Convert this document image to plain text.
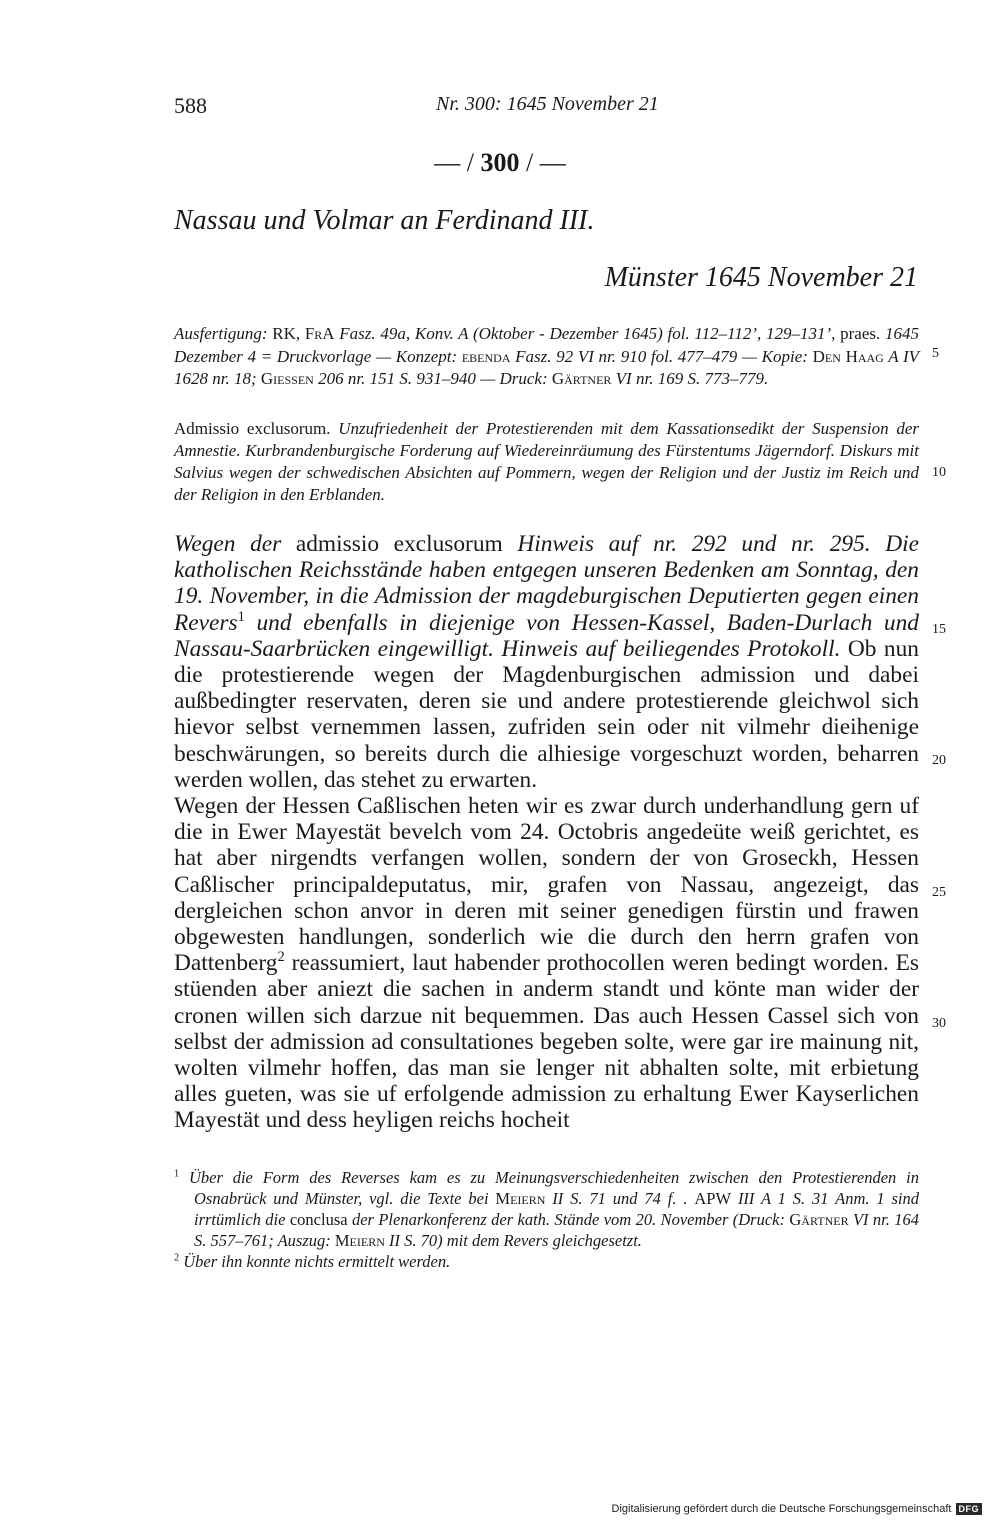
588	Nr. 300: 1645 November 21
— / 300 / —
Nassau und Volmar an Ferdinand III.
Münster 1645 November 21
Ausfertigung: RK, FrA Fasz. 49a, Konv. A (Oktober - Dezember 1645) fol. 112–112’, 129–131’, praes. 1645 Dezember 4 = Druckvorlage — Konzept: ebenda Fasz. 92 VI nr. 910 fol. 477–479 — Kopie: Den Haag A IV 1628 nr. 18; Giessen 206 nr. 151 S. 931–940 — Druck: Gärtner VI nr. 169 S. 773–779.
Admissio exclusorum. Unzufriedenheit der Protestierenden mit dem Kassationsedikt der Suspension der Amnestie. Kurbrandenburgische Forderung auf Wiedereinräumung des Fürstentums Jägerndorf. Diskurs mit Salvius wegen der schwedischen Absichten auf Pommern, wegen der Religion und der Justiz im Reich und der Religion in den Erblanden.

Wegen der admissio exclusorum Hinweis auf nr. 292 und nr. 295. Die katholischen Reichsstände haben entgegen unseren Bedenken am Sonntag, den 19. November, in die Admission der magdeburgischen Deputierten gegen einen Revers$^1$ und ebenfalls in diejenige von Hessen-Kassel, Baden-Durlach und Nassau-Saarbrücken eingewilligt. Hinweis auf beiliegendes Protokoll. Ob nun die protestierende wegen der Magdenburgischen admission und dabei außbedingter reservaten, deren sie und andere protestierende gleichwol sich hievor selbst vernemmen lassen, zufriden sein oder nit vilmehr dieihenige beschwärungen, so bereits durch die alhiesige vorgeschuzt worden, beharren werden wollen, das stehet zu erwarten.

Wegen der Hessen Caßlischen heten wir es zwar durch underhandlung gern uf die in Ewer Mayestät bevelch vom 24. Octobris angedeüte weiß gerichtet, es hat aber nirgendts verfangen wollen, sondern der von Groseckh, Hessen Caßlischer principaldeputatus, mir, grafen von Nassau, angezeigt, das dergleichen schon anvor in deren mit seiner genedigen fürstin und frawen obgewesten handlungen, sonderlich wie die durch den herrn grafen von Dattenberg$^2$ reassumiert, laut habender prothocollen weren bedingt worden. Es stüenden aber aniezt die sachen in anderm standt und könte man wider der cronen willen sich darzue nit bequemmen. Das auch Hessen Cassel sich von selbst der admission ad consultationes begeben solte, were gar ire mainung nit, wolten vilmehr hoffen, das man sie lenger nit abhalten solte, mit erbietung alles gueten, was sie uf erfolgende admission zu erhaltung Ewer Kayserlichen Mayestät und dess heyligen reichs hocheit

$^1$ Über die Form des Reverses kam es zu Meinungsverschiedenheiten zwischen den Protestierenden in Osnabrück und Münster, vgl. die Texte bei Meiern II S. 71 und 74 f. . APW III A 1 S. 31 Anm. 1 sind irrtümlich die conclusa der Plenarkonferenz der kath. Stände vom 20. November (Druck: Gärtner VI nr. 164 S. 557–761; Auszug: Meiern II S. 70) mit dem Revers gleichgesetzt.

$^2$ Über ihn konnte nichts ermittelt werden.

5
10
15
20
25
30
Digitalisierung gefördert durch die Deutsche Forschungsgemeinschaft DFG
